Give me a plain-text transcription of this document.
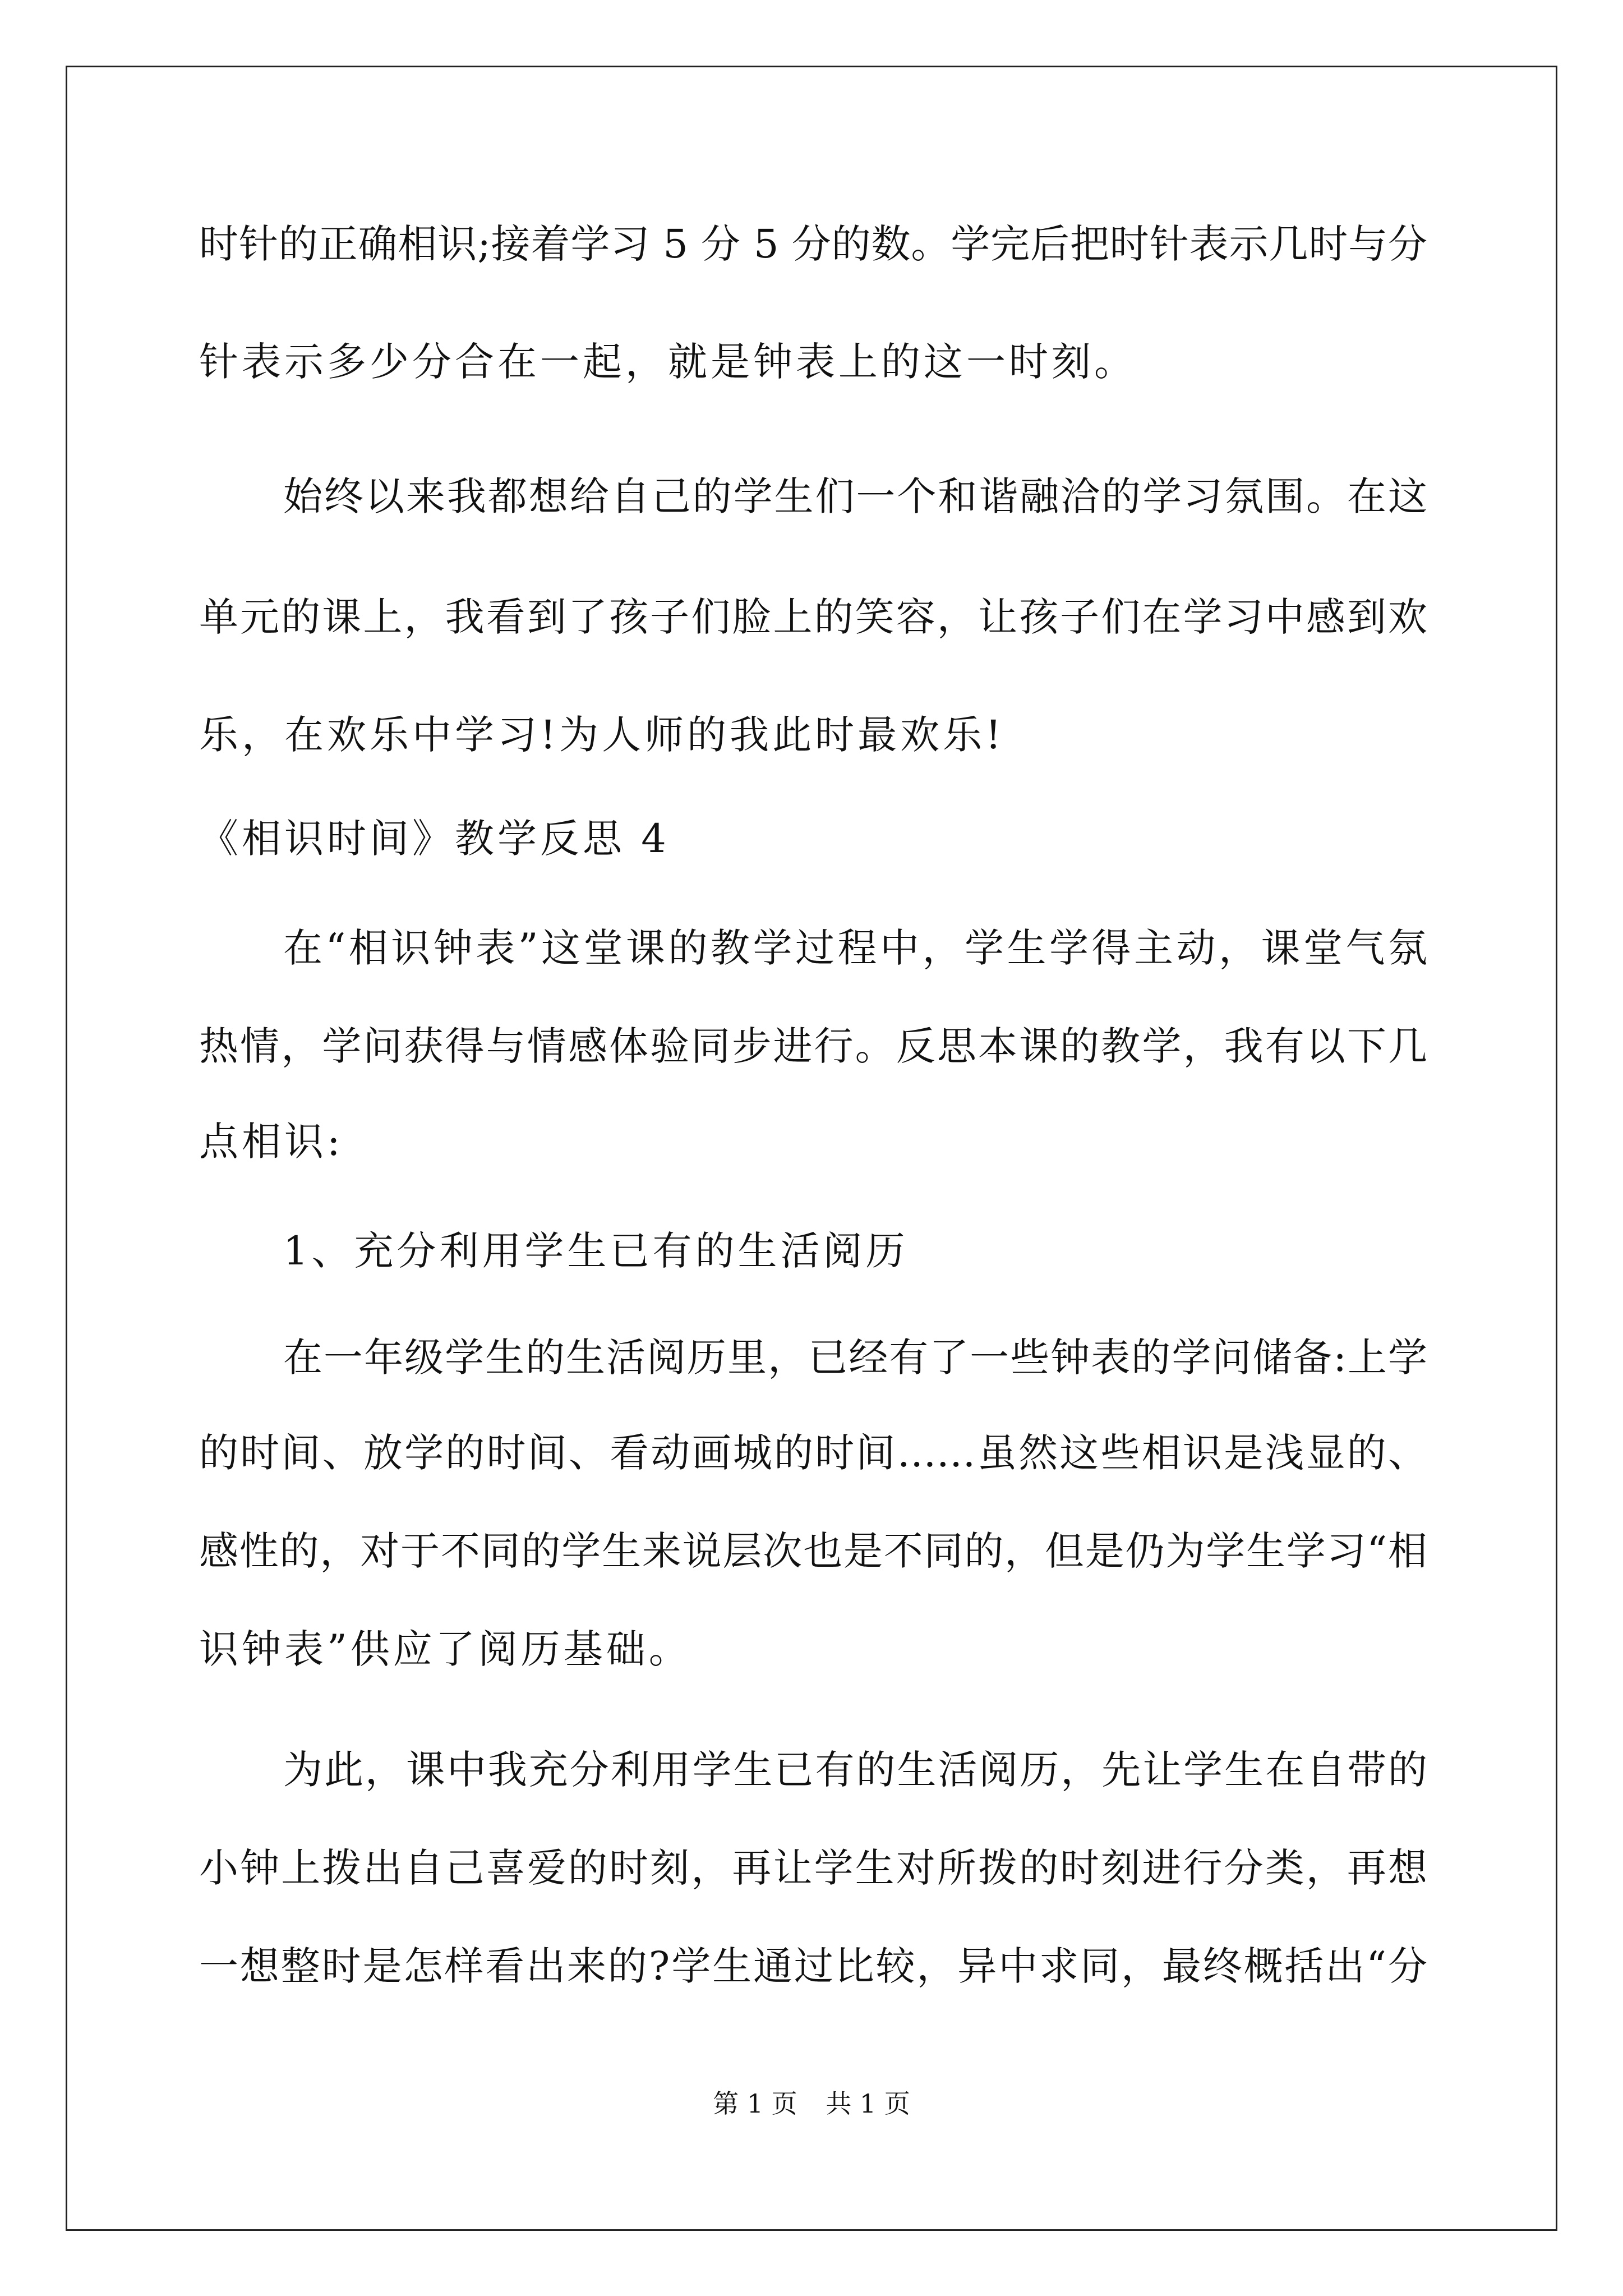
时针的正确相识;接着学习 5 分 5 分的数。学完后把时针表示几时与分
针表示多少分合在一起，就是钟表上的这一时刻。
始终以来我都想给自己的学生们一个和谐融洽的学习氛围。在这
单元的课上，我看到了孩子们脸上的笑容，让孩子们在学习中感到欢
乐，在欢乐中学习!为人师的我此时最欢乐!
《相识时间》教学反思 4
在“相识钟表”这堂课的教学过程中，学生学得主动，课堂气氛
热情，学问获得与情感体验同步进行。反思本课的教学，我有以下几
点相识:
1、充分利用学生已有的生活阅历
在一年级学生的生活阅历里，已经有了一些钟表的学问储备:上学
的时间、放学的时间、看动画城的时间……虽然这些相识是浅显的、
感性的，对于不同的学生来说层次也是不同的，但是仍为学生学习“相
识钟表”供应了阅历基础。
为此，课中我充分利用学生已有的生活阅历，先让学生在自带的
小钟上拨出自己喜爱的时刻，再让学生对所拨的时刻进行分类，再想
一想整时是怎样看出来的?学生通过比较，异中求同，最终概括出“分
第 1 页 共 1 页
